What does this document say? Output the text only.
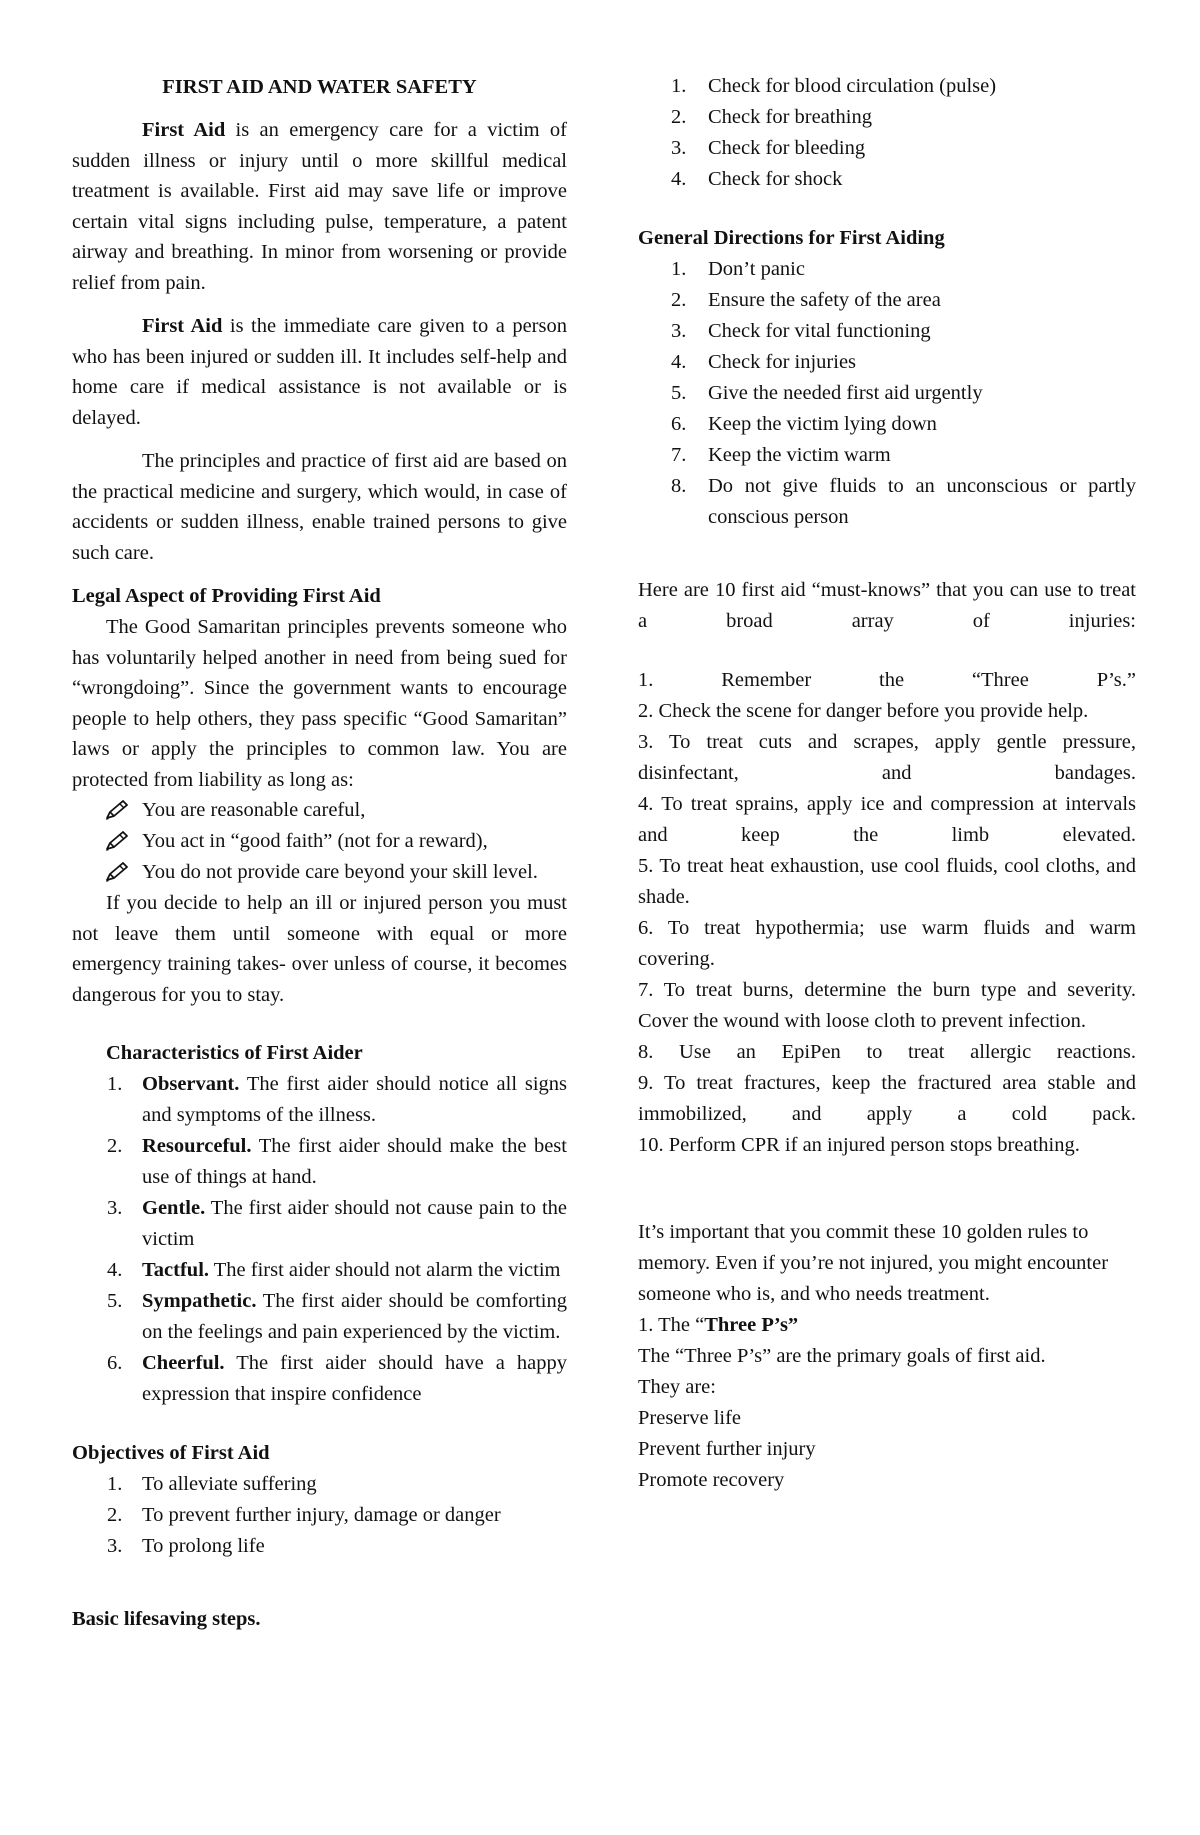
FIRST AID AND WATER SAFETY

First Aid is an emergency care for a victim of sudden illness or injury until o more skillful medical treatment is available. First aid may save life or improve certain vital signs including pulse, temperature, a patent airway and breathing. In minor from worsening or provide relief from pain.

First Aid is the immediate care given to a person who has been injured or sudden ill. It includes self-help and home care if medical assistance is not available or is delayed.

The principles and practice of first aid are based on the practical medicine and surgery, which would, in case of accidents or sudden illness, enable trained persons to give such care.

Legal Aspect of Providing First Aid

The Good Samaritan principles prevents someone who has voluntarily helped another in need from being sued for “wrongdoing”. Since the government wants to encourage people to help others, they pass specific “Good Samaritan” laws or apply the principles to common law. You are protected from liability as long as:

You are reasonable careful,
You act in “good faith” (not for a reward),
You do not provide care beyond your skill level.

If you decide to help an ill or injured person you must not leave them until someone with equal or more emergency training takes- over unless of course, it becomes dangerous for you to stay.

Characteristics of First Aider
1. Observant. The first aider should notice all signs and symptoms of the illness.
2. Resourceful. The first aider should make the best use of things at hand.
3. Gentle. The first aider should not cause pain to the victim
4. Tactful. The first aider should not alarm the victim
5. Sympathetic. The first aider should be comforting on the feelings and pain experienced by the victim.
6. Cheerful. The first aider should have a happy expression that inspire confidence
Objectives of First Aid
1. To alleviate suffering
2. To prevent further injury, damage or danger
3. To prolong life
Basic lifesaving steps.
1. Check for blood circulation (pulse)
2. Check for breathing
3. Check for bleeding
4. Check for shock
General Directions for First Aiding
1. Don’t panic
2. Ensure the safety of the area
3. Check for vital functioning
4. Check for injuries
5. Give the needed first aid urgently
6. Keep the victim lying down
7. Keep the victim warm
8. Do not give fluids to an unconscious or partly conscious person

Here are 10 first aid “must-knows” that you can use to treat a broad array of injuries:

1. Remember the “Three P’s.”

2. Check the scene for danger before you provide help.

3. To treat cuts and scrapes, apply gentle pressure, disinfectant, and bandages.

4. To treat sprains, apply ice and compression at intervals and keep the limb elevated.

5. To treat heat exhaustion, use cool fluids, cool cloths, and shade.

6. To treat hypothermia; use warm fluids and warm covering.

7. To treat burns, determine the burn type and severity. Cover the wound with loose cloth to prevent infection.

8. Use an EpiPen to treat allergic reactions.

9. To treat fractures, keep the fractured area stable and immobilized, and apply a cold pack.

10. Perform CPR if an injured person stops breathing.

It’s important that you commit these 10 golden rules to memory. Even if you’re not injured, you might encounter someone who is, and who needs treatment.

1. The “Three P’s”

The “Three P’s” are the primary goals of first aid.

They are:

Preserve life

Prevent further injury

Promote recovery
